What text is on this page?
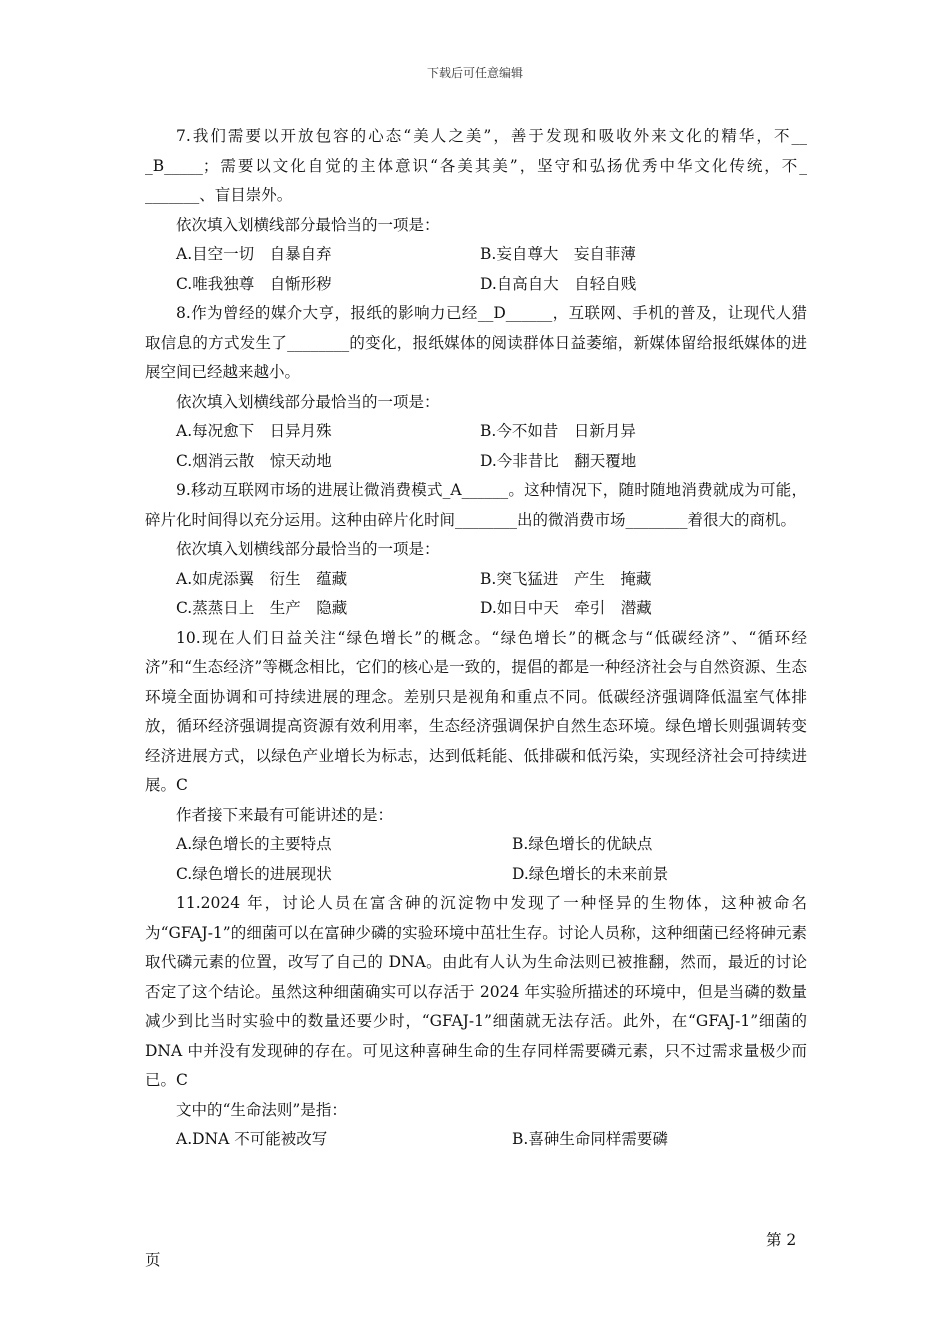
下载后可任意编辑

7.我们需要以开放包容的心态“美人之美”，善于发现和吸收外来文化的精华，不__ _B_____；需要以文化自觉的主体意识“各美其美”，坚守和弘扬优秀中华文化传统，不_ _______、盲目崇外。

依次填入划横线部分最恰当的一项是：

A.目空一切　自暴自弃	B.妄自尊大　妄自菲薄
C.唯我独尊　自惭形秽	D.自高自大　自轻自贱

8.作为曾经的媒介大亨，报纸的影响力已经__D______，互联网、手机的普及，让现代人猎取信息的方式发生了________的变化，报纸媒体的阅读群体日益萎缩，新媒体留给报纸媒体的进展空间已经越来越小。

依次填入划横线部分最恰当的一项是：

A.每况愈下　日异月殊	B.今不如昔　日新月异
C.烟消云散　惊天动地	D.今非昔比　翻天覆地

9.移动互联网市场的进展让微消费模式_A______。这种情况下，随时随地消费就成为可能，碎片化时间得以充分运用。这种由碎片化时间________出的微消费市场________着很大的商机。

依次填入划横线部分最恰当的一项是：

A.如虎添翼　衍生　蕴藏	B.突飞猛进　产生　掩藏
C.蒸蒸日上　生产　隐藏	D.如日中天　牵引　潜藏

10.现在人们日益关注“绿色增长”的概念。“绿色增长”的概念与“低碳经济”、“循环经济”和“生态经济”等概念相比，它们的核心是一致的，提倡的都是一种经济社会与自然资源、生态环境全面协调和可持续进展的理念。差别只是视角和重点不同。低碳经济强调降低温室气体排放，循环经济强调提高资源有效利用率，生态经济强调保护自然生态环境。绿色增长则强调转变经济进展方式，以绿色产业增长为标志，达到低耗能、低排碳和低污染，实现经济社会可持续进展。C

作者接下来最有可能讲述的是：

A.绿色增长的主要特点	B.绿色增长的优缺点
C.绿色增长的进展现状	D.绿色增长的未来前景

11.2024 年，讨论人员在富含砷的沉淀物中发现了一种怪异的生物体，这种被命名为“GFAJ-1”的细菌可以在富砷少磷的实验环境中茁壮生存。讨论人员称，这种细菌已经将砷元素取代磷元素的位置，改写了自己的 DNA。由此有人认为生命法则已被推翻，然而，最近的讨论否定了这个结论。虽然这种细菌确实可以存活于 2024 年实验所描述的环境中，但是当磷的数量减少到比当时实验中的数量还要少时，“GFAJ-1”细菌就无法存活。此外，在“GFAJ-1”细菌的 DNA 中并没有发现砷的存在。可见这种喜砷生命的生存同样需要磷元素，只不过需求量极少而已。C

文中的“生命法则”是指：

A.DNA 不可能被改写	B.喜砷生命同样需要磷
第 2
页
